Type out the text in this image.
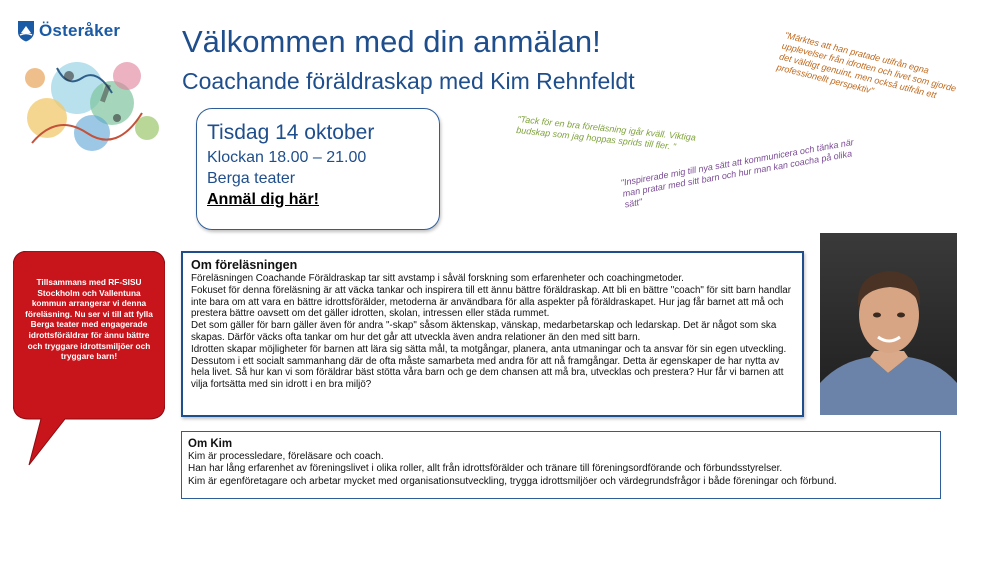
Österåker Välkommen med din anmälan!
Coachande föräldraskap med Kim Rehnfeldt
Tisdag 14 oktober
Klockan 18.00 – 21.00
Berga teater
Anmäl dig här!
"Märktes att han pratade utifrån egna upplevelser från idrotten och livet som gjorde det väldigt genuint, men också utifrån ett professionellt perspektiv"
"Tack för en bra föreläsning igår kväll. Viktiga budskap som jag hoppas sprids till fler. "
"Inspirerade mig till nya sätt att kommunicera och tänka när man pratar med sitt barn och hur man kan coacha på olika sätt"
Tillsammans med RF-SISU Stockholm och Vallentuna kommun arrangerar vi denna föreläsning. Nu ser vi till att fylla Berga teater med engagerade idrottsföräldrar för ännu bättre och tryggare idrottsmiljöer och tryggare barn!
Om föreläsningen
Föreläsningen Coachande Föräldraskap tar sitt avstamp i såväl forskning som erfarenheter och coachingmetoder.
Fokuset för denna föreläsning är att väcka tankar och inspirera till ett ännu bättre föräldraskap. Att bli en bättre "coach" för sitt barn handlar inte bara om att vara en bättre idrottsförälder, metoderna är användbara för alla aspekter på föräldraskapet. Hur jag får barnet att må och prestera bättre oavsett om det gäller idrotten, skolan, intressen eller städa rummet.
Det som gäller för barn gäller även för andra "-skap" såsom äktenskap, vänskap, medarbetarskap och ledarskap. Det är något som ska skapas. Därför väcks ofta tankar om hur det går att utveckla även andra relationer än den med sitt barn.
Idrotten skapar möjligheter för barnen att lära sig sätta mål, ta motgångar, planera, anta utmaningar och ta ansvar för sin egen utveckling. Dessutom i ett socialt sammanhang där de ofta måste samarbeta med andra för att nå framgångar. Detta är egenskaper de har nytta av hela livet. Så hur kan vi som föräldrar bäst stötta våra barn och ge dem chansen att må bra, utvecklas och prestera? Hur får vi barnen att vilja fortsätta med sin idrott i en bra miljö?
Om Kim
Kim är processledare, föreläsare och coach.
Han har lång erfarenhet av föreningslivet i olika roller, allt från idrottsförälder och tränare till föreningsordförande och förbundsstyrelser.
Kim är egenföretagare och arbetar mycket med organisationsutveckling, trygga idrottsmiljöer och värdegrundsfrågor i både föreningar och förbund.
